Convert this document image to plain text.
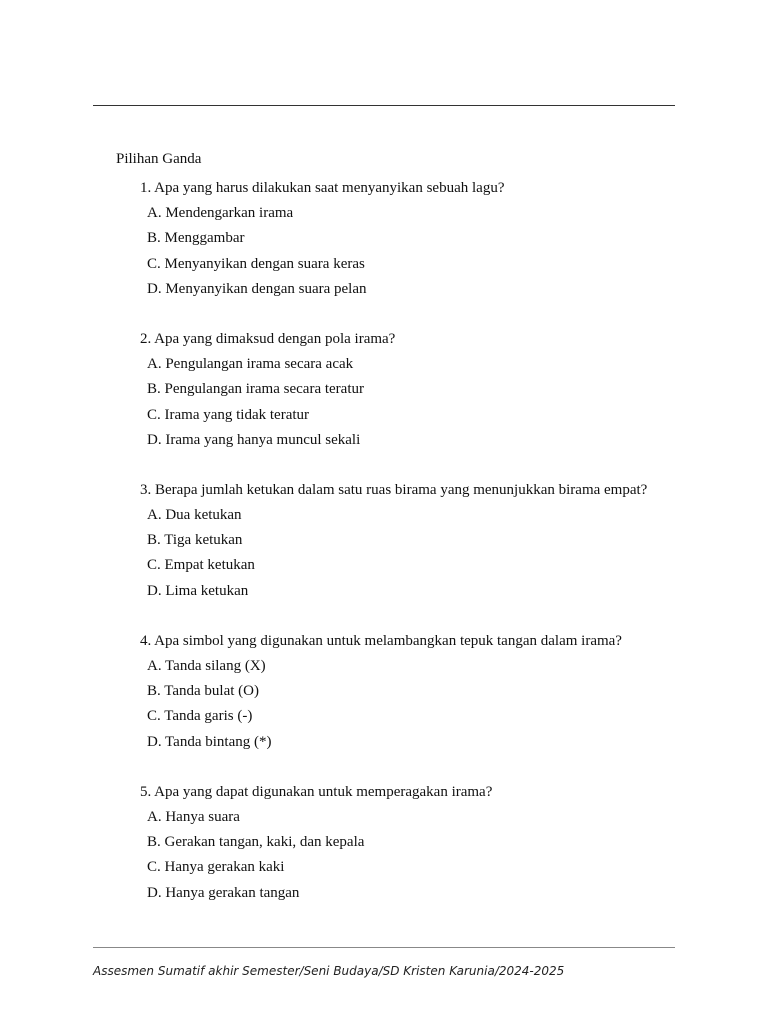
Pilihan Ganda
1. Apa yang harus dilakukan saat menyanyikan sebuah lagu?
A. Mendengarkan irama
B. Menggambar
C. Menyanyikan dengan suara keras
D. Menyanyikan dengan suara pelan
2. Apa yang dimaksud dengan pola irama?
A. Pengulangan irama secara acak
B. Pengulangan irama secara teratur
C. Irama yang tidak teratur
D. Irama yang hanya muncul sekali
3. Berapa jumlah ketukan dalam satu ruas birama yang menunjukkan birama empat?
A. Dua ketukan
B. Tiga ketukan
C. Empat ketukan
D. Lima ketukan
4. Apa simbol yang digunakan untuk melambangkan tepuk tangan dalam irama?
A. Tanda silang (X)
B. Tanda bulat (O)
C. Tanda garis (-)
D. Tanda bintang (*)
5. Apa yang dapat digunakan untuk memperagakan irama?
A. Hanya suara
B. Gerakan tangan, kaki, dan kepala
C. Hanya gerakan kaki
D. Hanya gerakan tangan
Assesmen Sumatif akhir Semester/Seni Budaya/SD Kristen Karunia/2024-2025
